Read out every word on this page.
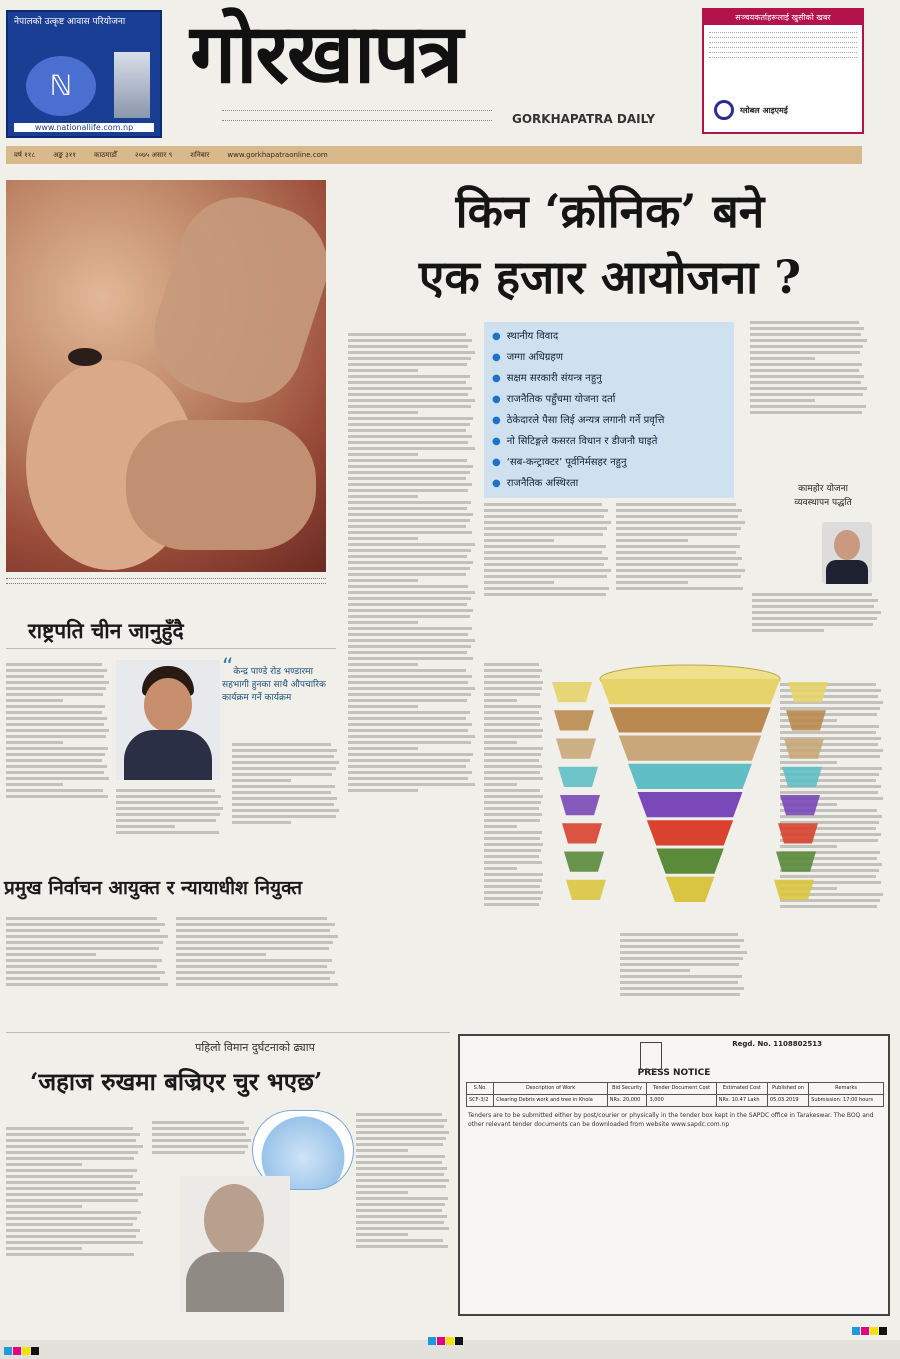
नेपालको उत्कृष्ट आवास परियोजना
ℕ
www.nationallife.com.np
गोरखापत्र
GORKHAPATRA DAILY
सञ्चयकर्ताहरूलाई खुसीको खबर
ग्लोबल आइएमई
वर्ष ११८	अङ्क ३११	काठमाडौँ	२०७५ असार ९	शनिबार	www.gorkhapatraonline.com
किन ‘क्रोनिक’ बने
एक हजार आयोजना ?
● स्थानीय विवाद
● जग्गा अधिग्रहण
● सक्षम सरकारी संयन्त्र नहुनु
● राजनैतिक पहुँचमा योजना दर्ता
● ठेकेदारले पैसा लिई अन्यत्र लगानी गर्ने प्रवृत्ति
● नो सिटिङ्गले कसरत विधान र डीजनौ घाइते
● ‘सब-कन्ट्राक्टर’ पूर्वनिर्मसहर नहुनु
● राजनैतिक अस्थिरता	कामहोर योजना
व्यवस्थापन पद्धति
राष्ट्रपति चीन जानुहुँदै
“केन्द्र पाण्डे रोड भण्डारमा सहभागी हुनका साथै औपचारिक कार्यक्रम गर्ने कार्यक्रम
प्रमुख निर्वाचन आयुक्त र न्यायाधीश नियुक्त
पहिलो विमान दुर्घटनाको ढ्याप
‘जहाज रुखमा बज्रिएर चुर भएछ’
Regd. No. 1108802513
PRESS NOTICE
S.No.	Description of Work	Bid Security	Tender Document Cost	Estimated Cost	Published on	Remarks
SCF-3/2	Clearing Debris work and tree in Khola	NRs. 20,000	3,000	NRs. 10.47 Lakh	05.03.2019	Submission: 17:00 hours
Tenders are to be submitted either by post/courier or physically in the tender box kept in the SAPDC office in Tarakeswar. The BOQ and other relevant tender documents can be downloaded from website www.sapdc.com.np
